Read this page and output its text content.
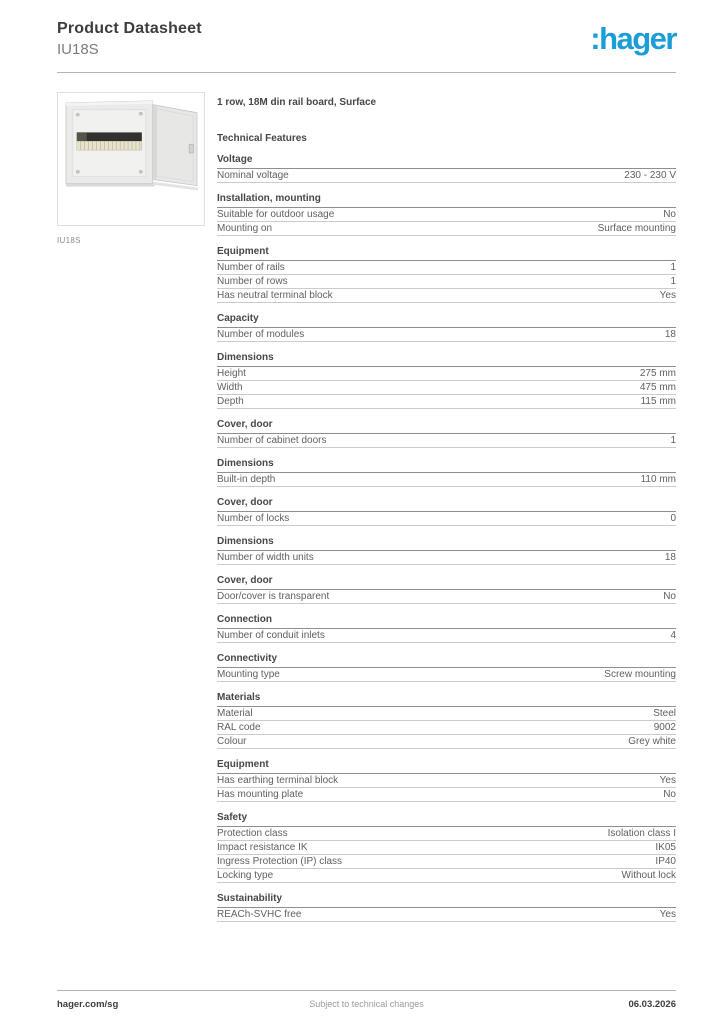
Product Datasheet
IU18S	:hager
IU18S
1 row, 18M din rail board, Surface
Technical Features
Voltage
Nominal voltage	230 - 230 V
Installation, mounting
Suitable for outdoor usage	No
Mounting on	Surface mounting
Equipment
Number of rails	1
Number of rows	1
Has neutral terminal block	Yes
Capacity
Number of modules	18
Dimensions
Height	275 mm
Width	475 mm
Depth	115 mm
Cover, door
Number of cabinet doors	1
Dimensions
Built-in depth	110 mm
Cover, door
Number of locks	0
Dimensions
Number of width units	18
Cover, door
Door/cover is transparent	No
Connection
Number of conduit inlets	4
Connectivity
Mounting type	Screw mounting
Materials
Material	Steel
RAL code	9002
Colour	Grey white
Equipment
Has earthing terminal block	Yes
Has mounting plate	No
Safety
Protection class	Isolation class I
Impact resistance IK	IK05
Ingress Protection (IP) class	IP40
Locking type	Without lock
Sustainability
REACh-SVHC free	Yes
hager.com/sg	Subject to technical changes	06.03.2026
